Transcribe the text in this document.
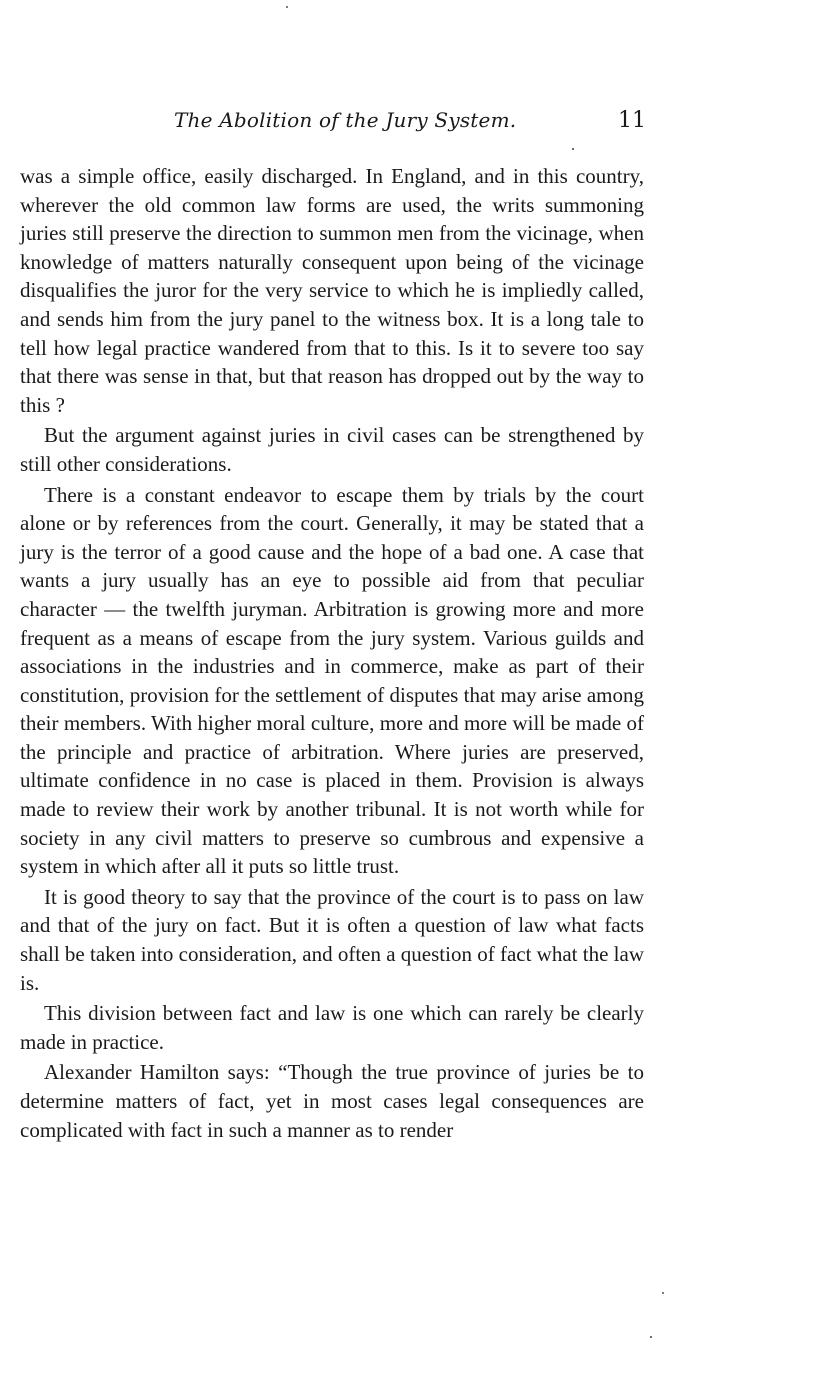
The Abolition of the Jury System.	11

was a simple office, easily discharged. In England, and in this country, wherever the old common law forms are used, the writs summoning juries still preserve the direction to summon men from the vicinage, when knowledge of matters naturally consequent upon being of the vicinage disqualifies the juror for the very service to which he is impliedly called, and sends him from the jury panel to the witness box. It is a long tale to tell how legal practice wandered from that to this. Is it to severe too say that there was sense in that, but that reason has dropped out by the way to this ?

But the argument against juries in civil cases can be strengthened by still other considerations.

There is a constant endeavor to escape them by trials by the court alone or by references from the court. Generally, it may be stated that a jury is the terror of a good cause and the hope of a bad one. A case that wants a jury usually has an eye to possible aid from that peculiar character — the twelfth juryman. Arbitration is growing more and more frequent as a means of escape from the jury system. Various guilds and associations in the industries and in commerce, make as part of their constitution, provision for the settlement of disputes that may arise among their members. With higher moral culture, more and more will be made of the principle and practice of arbitration. Where juries are preserved, ultimate confidence in no case is placed in them. Provision is always made to review their work by another tribunal. It is not worth while for society in any civil matters to preserve so cumbrous and expensive a system in which after all it puts so little trust.

It is good theory to say that the province of the court is to pass on law and that of the jury on fact. But it is often a question of law what facts shall be taken into consideration, and often a question of fact what the law is.

This division between fact and law is one which can rarely be clearly made in practice.

Alexander Hamilton says: “Though the true province of juries be to determine matters of fact, yet in most cases legal consequences are complicated with fact in such a manner as to render
